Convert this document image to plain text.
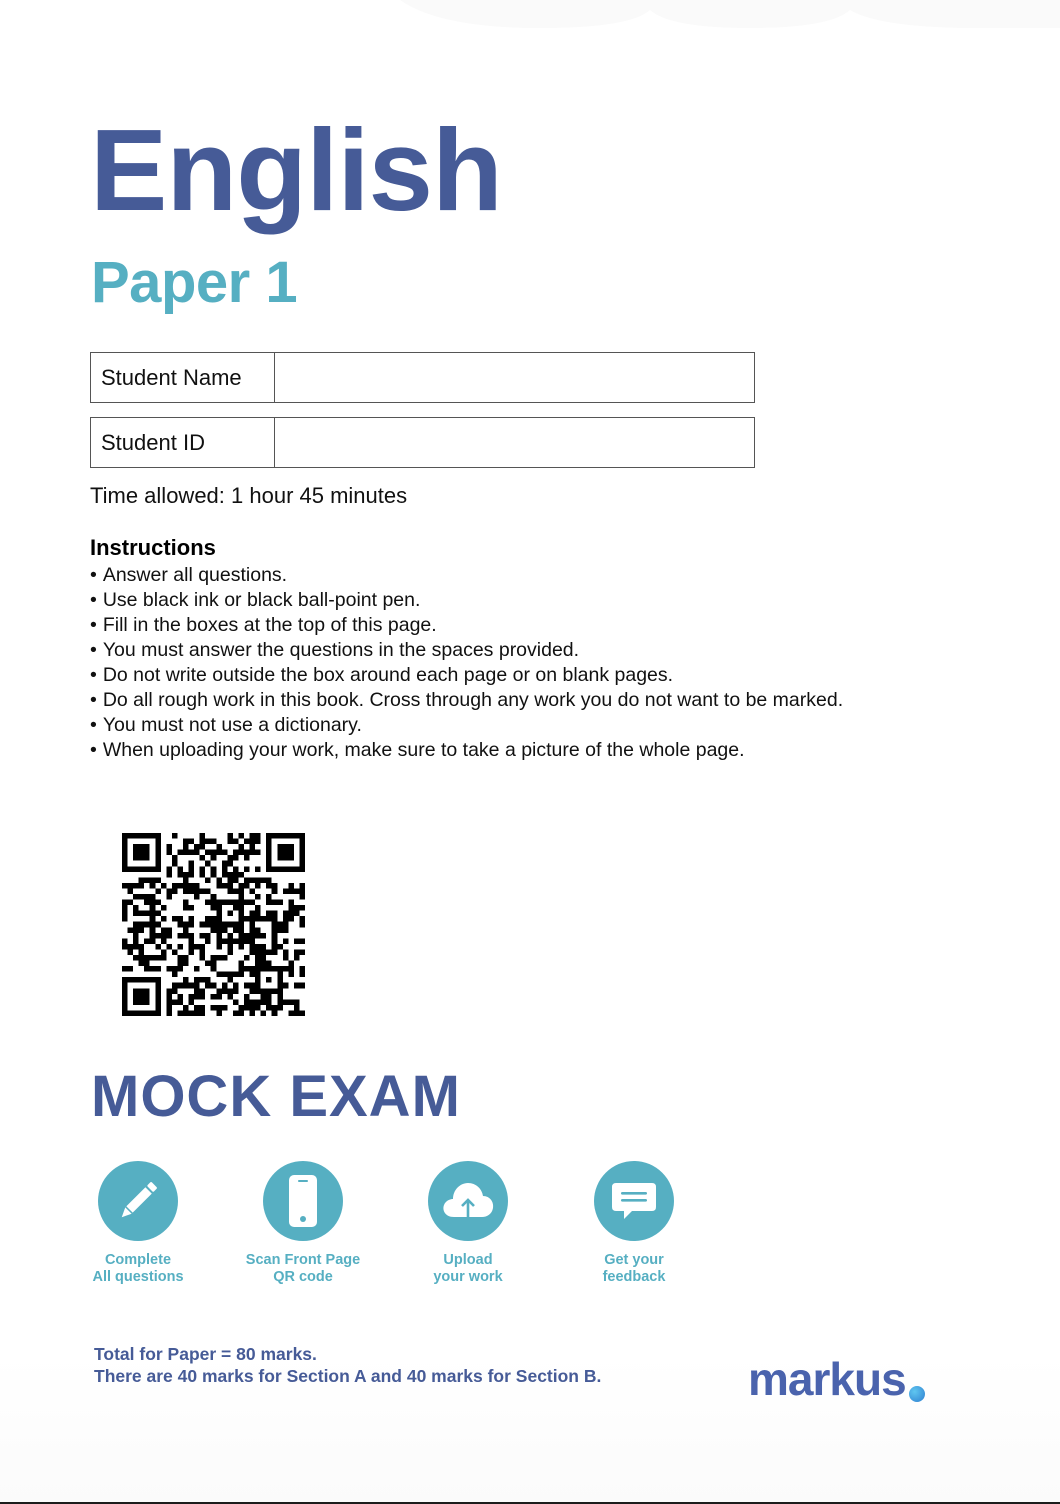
English
Paper 1
Student Name
Student ID

Time allowed: 1 hour 45 minutes

Instructions
• Answer all questions.
• Use black ink or black ball-point pen.
• Fill in the boxes at the top of this page.
• You must answer the questions in the spaces provided.
• Do not write outside the box around each page or on blank pages.
• Do all rough work in this book. Cross through any work you do not want to be marked.
• You must not use a dictionary.
• When uploading your work, make sure to take a picture of the whole page.
MOCK EXAM
Complete
All questions
Scan Front Page
QR code
Upload
your work
Get your
feedback
Total for Paper = 80 marks.
There are 40 marks for Section A and 40 marks for Section B.	markus
